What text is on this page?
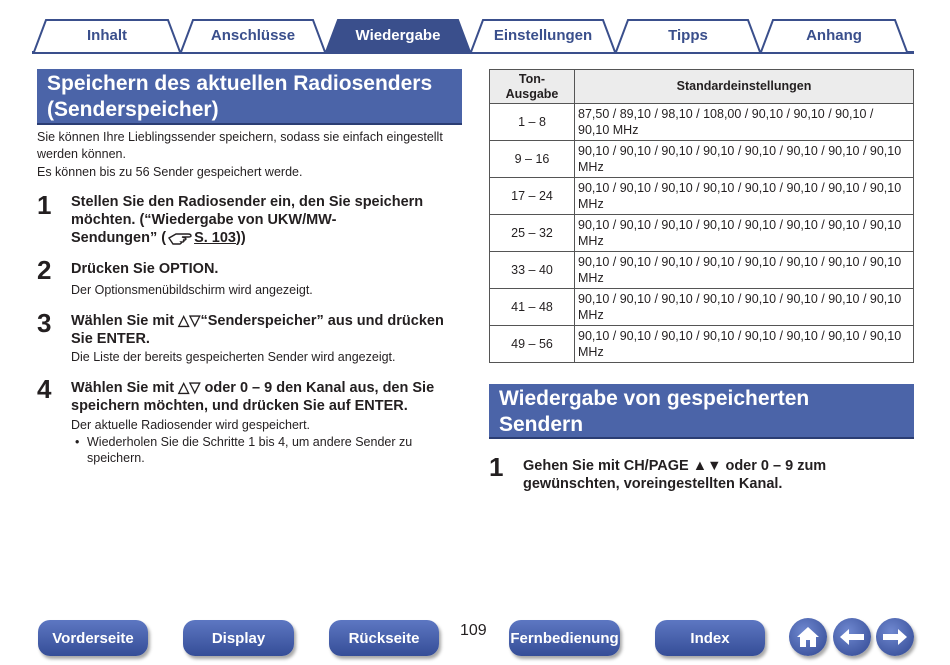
Inhalt	Anschlüsse	Wiedergabe	Einstellungen	Tipps	Anhang
Speichern des aktuellen Radiosenders
(Senderspeicher)
Sie können Ihre Lieblingssender speichern, sodass sie einfach eingestellt
werden können.
Es können bis zu 56 Sender gespeichert werde.
1 Stellen Sie den Radiosender ein, den Sie speichern
möchten. (“Wiedergabe von UKW/MW-
Sendungen” ( S. 103))
2 Drücken Sie OPTION.
Der Optionsmenübildschirm wird angezeigt.
3 Wählen Sie mit △▽“Senderspeicher” aus und drücken
Sie ENTER.
Die Liste der bereits gespeicherten Sender wird angezeigt.
4 Wählen Sie mit △▽ oder 0 – 9 den Kanal aus, den Sie
speichern möchten, und drücken Sie auf ENTER.
Der aktuelle Radiosender wird gespeichert.
• Wiederholen Sie die Schritte 1 bis 4, um andere Sender zu
speichern.
Ton-
Ausgabe	Standardeinstellungen
1 – 8	87,50 / 89,10 / 98,10 / 108,00 / 90,10 / 90,10 / 90,10 /
90,10 MHz

9 – 16	90,10 / 90,10 / 90,10 / 90,10 / 90,10 / 90,10 / 90,10 / 90,10
MHz

17 – 24	90,10 / 90,10 / 90,10 / 90,10 / 90,10 / 90,10 / 90,10 / 90,10
MHz

25 – 32	90,10 / 90,10 / 90,10 / 90,10 / 90,10 / 90,10 / 90,10 / 90,10
MHz

33 – 40	90,10 / 90,10 / 90,10 / 90,10 / 90,10 / 90,10 / 90,10 / 90,10
MHz

41 – 48	90,10 / 90,10 / 90,10 / 90,10 / 90,10 / 90,10 / 90,10 / 90,10
MHz

49 – 56	90,10 / 90,10 / 90,10 / 90,10 / 90,10 / 90,10 / 90,10 / 90,10
MHz
Wiedergabe von gespeicherten
Sendern
1 Gehen Sie mit CH/PAGE ▲▼ oder 0 – 9 zum
gewünschten, voreingestellten Kanal.
Vorderseite	Display	Rückseite	109 Fernbedienung	Index
